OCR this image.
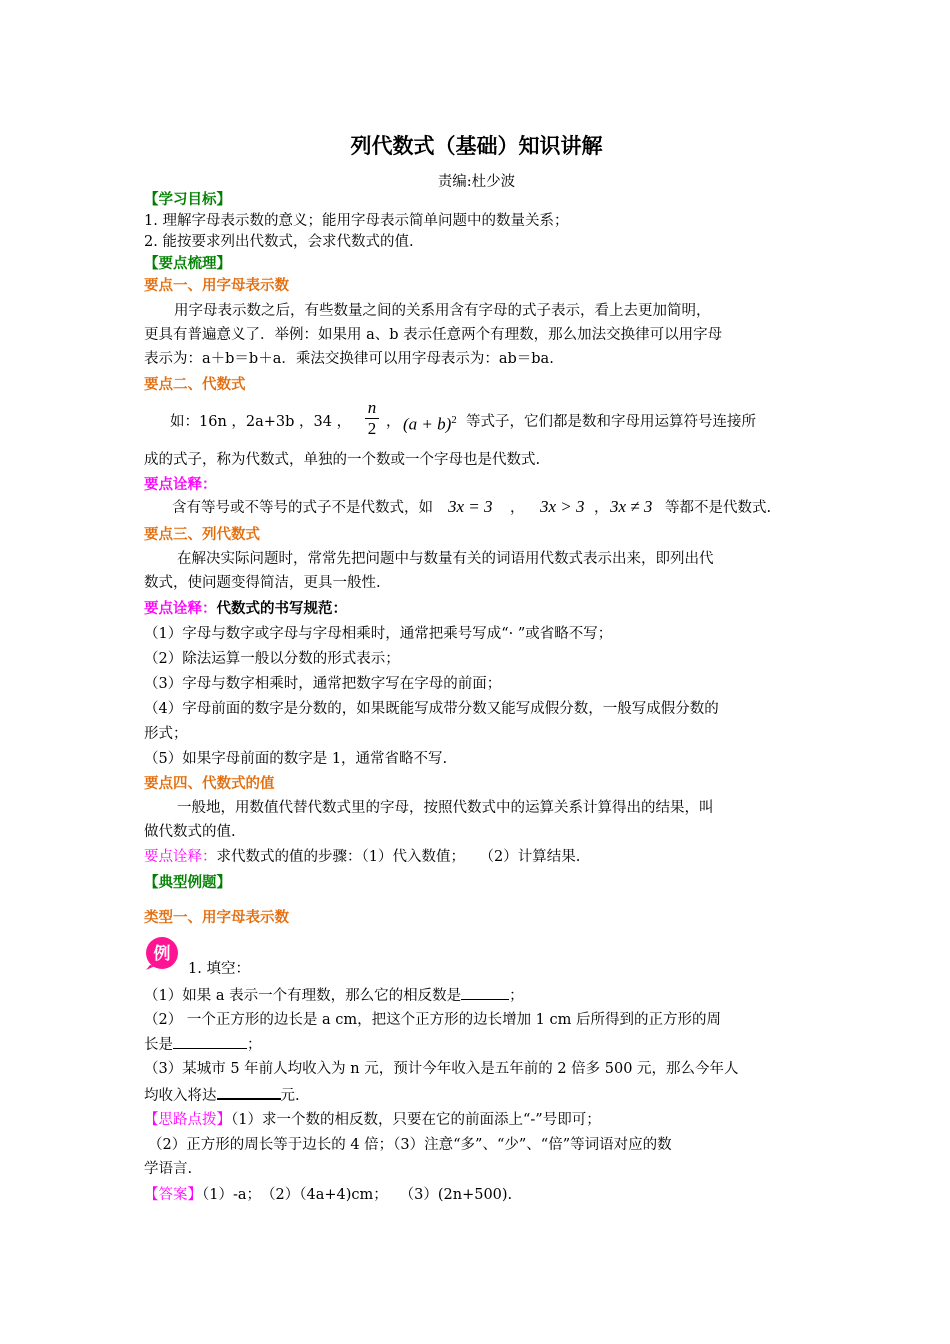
列代数式（基础）知识讲解
责编:杜少波
【学习目标】
1. 理解字母表示数的意义；能用字母表示简单问题中的数量关系；
2. 能按要求列出代数式，会求代数式的值.
【要点梳理】
要点一、用字母表示数
用字母表示数之后，有些数量之间的关系用含有字母的式子表示，看上去更加简明，
更具有普遍意义了．举例：如果用 a、b 表示任意两个有理数，那么加法交换律可以用字母
表示为：a＋b＝b＋a．乘法交换律可以用字母表示为：ab＝ba.
要点二、代数式
如：16n ，2a+3b ，34 ，
n
2 ， $(a + b)^2$ 等式子，它们都是数和字母用运算符号连接所
成的式子，称为代数式，单独的一个数或一个字母也是代数式.
要点诠释：
含有等号或不等号的式子不是代数式，如 3x = 3 ， 3x > 3 ， 3x ≠ 3 等都不是代数式.
要点三、列代数式
在解决实际问题时，常常先把问题中与数量有关的词语用代数式表示出来，即列出代
数式，使问题变得简洁，更具一般性.
要点诠释：代数式的书写规范：
（1）字母与数字或字母与字母相乘时，通常把乘号写成“· ”或省略不写；
（2）除法运算一般以分数的形式表示；
（3）字母与数字相乘时，通常把数字写在字母的前面；
（4）字母前面的数字是分数的，如果既能写成带分数又能写成假分数，一般写成假分数的
形式；
（5）如果字母前面的数字是 1，通常省略不写.
要点四、代数式的值
一般地，用数值代替代数式里的字母，按照代数式中的运算关系计算得出的结果，叫
做代数式的值.
要点诠释：求代数式的值的步骤：（1）代入数值；　　（2）计算结果.
【典型例题】
类型一、用字母表示数
例
1. 填空：
（1）如果 a 表示一个有理数，那么它的相反数是	；
（2） 一个正方形的边长是 a cm，把这个正方形的边长增加 1 cm 后所得到的正方形的周
长是	；
（3）某城市 5 年前人均收入为 n 元，预计今年收入是五年前的 2 倍多 500 元，那么今年人
均收入将达	元.
【思路点拨】（1）求一个数的相反数，只要在它的前面添上“-”号即可；
（2）正方形的周长等于边长的 4 倍；（3）注意“多”、“少”、“倍”等词语对应的数
学语言.
【答案】（1）-a；　（2）（4a+4)cm；　 （3）(2n+500).
